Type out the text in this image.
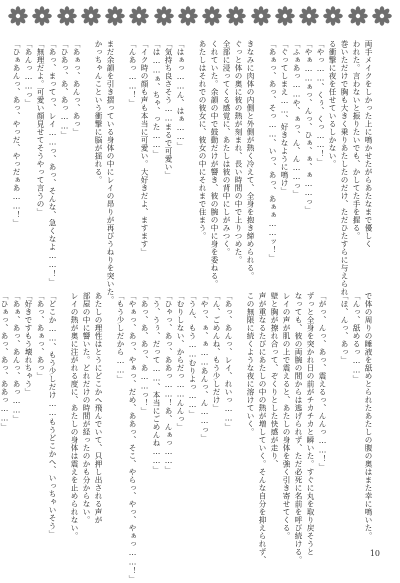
両手メイクをしかった上に鳴かせたがらあたなまで優しく
われた。言わないと振りたいでも、かしてた手を握る。
巻いただけで胸も大きく乗りあたしたのだけ、ただひたすらに与えられ
る衝撃に夜を任せているしかない。
「やっ……、くぅ、くっ……！」
「やぁ……ぁっ、んっ、ひぁ、ぁ、ぁ……っ」
「ふぁあっ……や、ぁっ、ん、ん……っ」
「ぐってしまえ……、好きなように鳴け」
「あぁっ、あっ、そっ……、いっ、あっ、あぁぁ……ッ！」
きなみに肉体の内側と外側が熱く冷えて、全身を抱き締められる。
ぐっと体の奥に彼の熱が刻まれ、長い時間の中で上りつめた。
全部に浸ってくる感覚に、あたしは彼の背中にしがみつく。
くれていた。余韻の中で鼓動だけが響き、彼の腕の中に身を委ねる。
あたしはそれでの彼女に、彼女の中にそれまで住まう。
「はぁっ……ん、はぁ……」
「気持ち良さそう……まるで可愛い」
「は……ぁ、ちゃ、った……」
「イク時の顔も声も本当に可愛い。大好きだよ、ますます」
「んあっ……！」
まだ余韻を引き摺っている身体の中にレイの昂りが再びうねりを突いた。
かっちゃんこという衝撃に脳が揺れる。
「あぁっ、あんっ、あっ」
「ひあっ、あ、あっ……」
「あっ、まってっ、レイ……っ、あっ、そんな、急くなよ……！」
「無理だよ。可愛い顔見せてそうやって言うの」
「あんっ……っ」
「ひぁあんっ、あっ、やっだ、やっだぁあ……！」
で体の周りの睡液を舐めとられたあたしの腹の奥はまた幸に鳴いた。
「んっ、舐めるっ……」
「ほ、んっ、あっ」
「がっ、んっ、あっ、震えるっ、んんっ……！」
ずっと全身を突かれ日の前がチカチカと瞬いた。すぐに丸を取り戻そうと
なっても、彼の両腕の間からは逃げられず、ただ必死に名前を呼び続ける。
レイの声が肌の上で震えると、あたしの身体を強く引き寄せてくる。
壁と胸が擦れ合って、ぞくりとした快感が走り、
声が重なるたびにあたしの中の熱が増していく。そんな自分を抑えられず、
この無限に続くような夜に溶けていく。
「あっ、あんっ、レイ、れいっ……」
「ん、ごめんね、もう少しだけ」
「やっ、ぁ、ぁ……あんっ、ん……っ」
「うん、もう……むりよっ……」
「むりしない、からだっ……んんっ」
「ひゃっ、あっ、ああっ……！あ、んぁっ……」
「う、うぅ、だって……、本当にごめんね……」
「あっ、あ、あっ、あ……っ！」
「やぁっ、あっ、やぁっ、だめ、ああっ、そこ、やらっ、やっ、やぁっ……！」
「もう少しだから……」
あたしの理性はとうにどこかへ飛んでいて、只押し出される声が
部屋の中に響いた。どれだけの時間が経ったのかも分からない。
レイの熱が奥に注がれる度に、あたしの身体は震えを止められない。
「どこか……、もう少しだけ……もうどこかへ、いっちゃいそう」
「あっ、あぁっ、あっ」
「好きですもう壊れちゃう」
「あぁ、あっ、あんっ、あっ……」
「ひぁっ、あっ、あっ、ああっ……」
10
